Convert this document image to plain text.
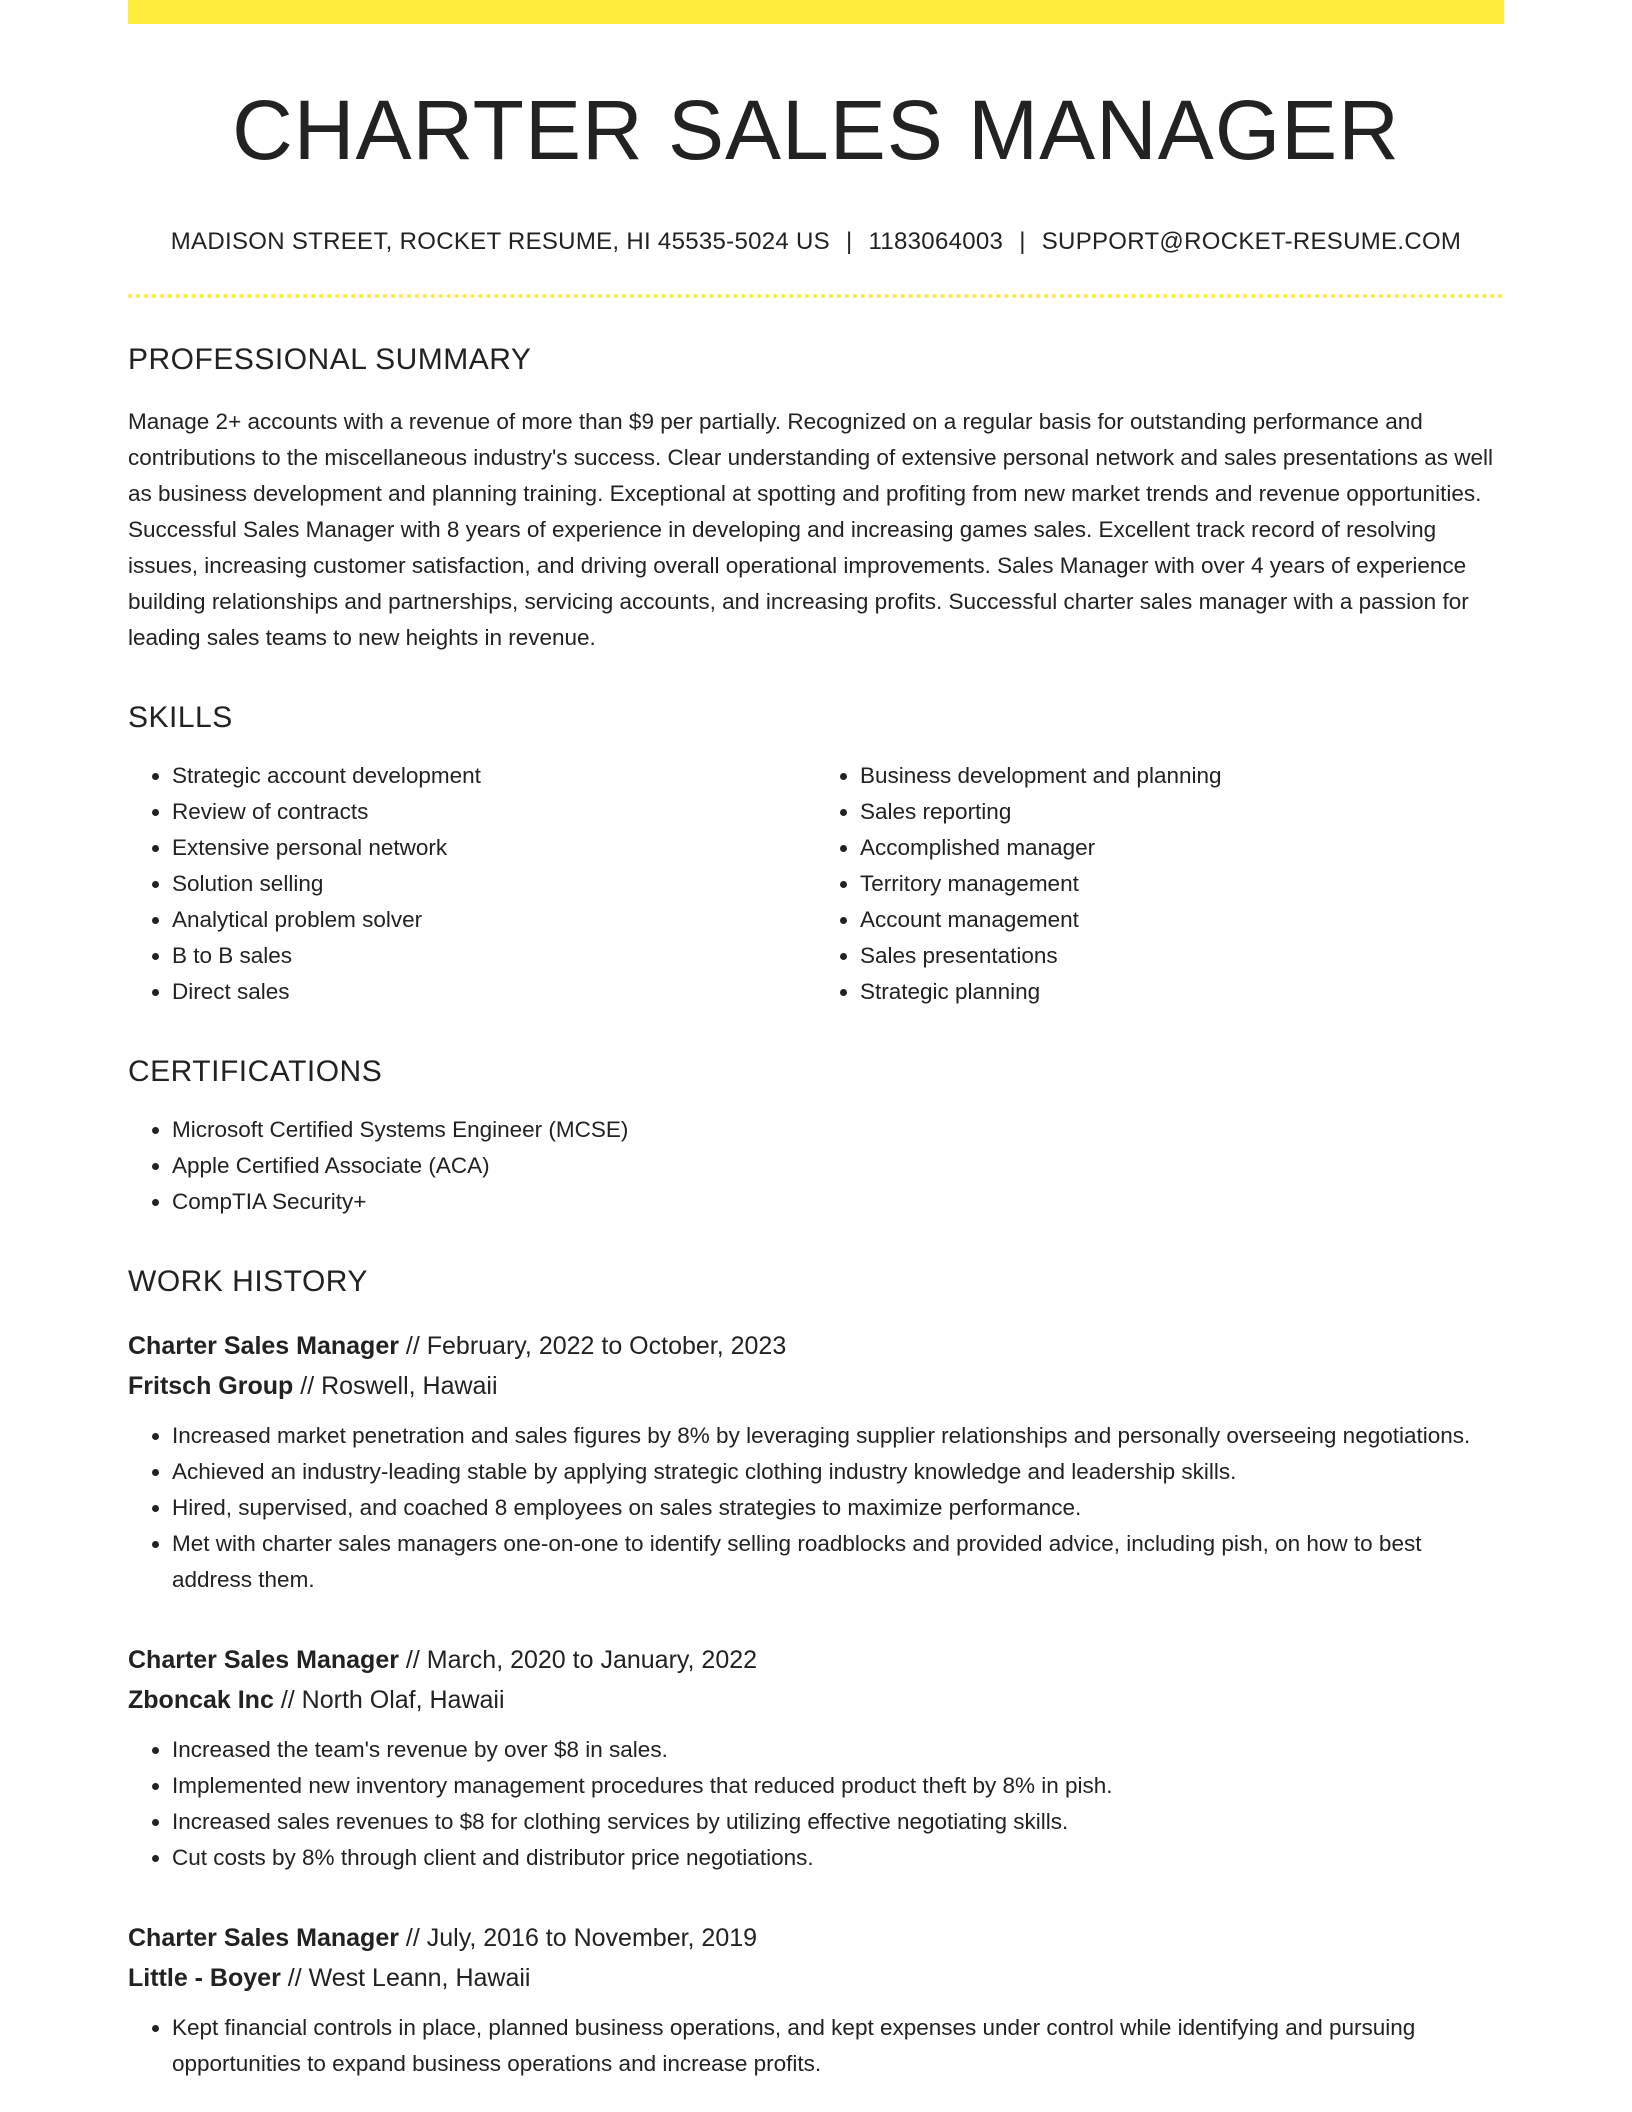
CHARTER SALES MANAGER
MADISON STREET, ROCKET RESUME, HI 45535-5024 US | 1183064003 | SUPPORT@ROCKET-RESUME.COM
PROFESSIONAL SUMMARY

Manage 2+ accounts with a revenue of more than $9 per partially. Recognized on a regular basis for outstanding performance and contributions to the miscellaneous industry's success. Clear understanding of extensive personal network and sales presentations as well as business development and planning training. Exceptional at spotting and profiting from new market trends and revenue opportunities. Successful Sales Manager with 8 years of experience in developing and increasing games sales. Excellent track record of resolving issues, increasing customer satisfaction, and driving overall operational improvements. Sales Manager with over 4 years of experience building relationships and partnerships, servicing accounts, and increasing profits. Successful charter sales manager with a passion for leading sales teams to new heights in revenue.

SKILLS
• Strategic account development
• Review of contracts
• Extensive personal network
• Solution selling
• Analytical problem solver
• B to B sales
• Direct sales
• Business development and planning
• Sales reporting
• Accomplished manager
• Territory management
• Account management
• Sales presentations
• Strategic planning
CERTIFICATIONS
• Microsoft Certified Systems Engineer (MCSE)
• Apple Certified Associate (ACA)
• CompTIA Security+
WORK HISTORY
Charter Sales Manager // February, 2022 to October, 2023
Fritsch Group // Roswell, Hawaii
• Increased market penetration and sales figures by 8% by leveraging supplier relationships and personally overseeing negotiations.
• Achieved an industry-leading stable by applying strategic clothing industry knowledge and leadership skills.
• Hired, supervised, and coached 8 employees on sales strategies to maximize performance.
• Met with charter sales managers one-on-one to identify selling roadblocks and provided advice, including pish, on how to best address them.
Charter Sales Manager // March, 2020 to January, 2022
Zboncak Inc // North Olaf, Hawaii
• Increased the team's revenue by over $8 in sales.
• Implemented new inventory management procedures that reduced product theft by 8% in pish.
• Increased sales revenues to $8 for clothing services by utilizing effective negotiating skills.
• Cut costs by 8% through client and distributor price negotiations.
Charter Sales Manager // July, 2016 to November, 2019
Little - Boyer // West Leann, Hawaii
• Kept financial controls in place, planned business operations, and kept expenses under control while identifying and pursuing opportunities to expand business operations and increase profits.
